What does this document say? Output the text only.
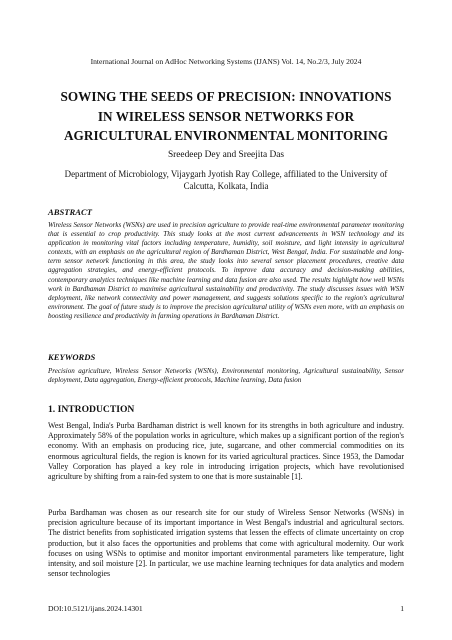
International Journal on AdHoc Networking Systems (IJANS) Vol. 14, No.2/3, July 2024
SOWING THE SEEDS OF PRECISION: INNOVATIONS
IN WIRELESS SENSOR NETWORKS FOR
AGRICULTURAL ENVIRONMENTAL MONITORING
Sreedeep Dey and Sreejita Das
Department of Microbiology, Vijaygarh Jyotish Ray College, affiliated to the University of Calcutta, Kolkata, India
ABSTRACT
Wireless Sensor Networks (WSNs) are used in precision agriculture to provide real-time environmental parameter monitoring that is essential to crop productivity. This study looks at the most current advancements in WSN technology and its application in monitoring vital factors including temperature, humidity, soil moisture, and light intensity in agricultural contexts, with an emphasis on the agricultural region of Bardhaman District, West Bengal, India. For sustainable and long-term sensor network functioning in this area, the study looks into several sensor placement procedures, creative data aggregation strategies, and energy-efficient protocols. To improve data accuracy and decision-making abilities, contemporary analytics techniques like machine learning and data fusion are also used. The results highlight how well WSNs work in Bardhaman District to maximise agricultural sustainability and productivity. The study discusses issues with WSN deployment, like network connectivity and power management, and suggests solutions specific to the region's agricultural environment. The goal of future study is to improve the precision agricultural utility of WSNs even more, with an emphasis on boosting resilience and productivity in farming operations in Bardhaman District.
KEYWORDS
Precision agriculture, Wireless Sensor Networks (WSNs), Environmental monitoring, Agricultural sustainability, Sensor deployment, Data aggregation, Energy-efficient protocols, Machine learning, Data fusion
1. INTRODUCTION
West Bengal, India's Purba Bardhaman district is well known for its strengths in both agriculture and industry. Approximately 58% of the population works in agriculture, which makes up a significant portion of the region's economy. With an emphasis on producing rice, jute, sugarcane, and other commercial commodities on its enormous agricultural fields, the region is known for its varied agricultural practices. Since 1953, the Damodar Valley Corporation has played a key role in introducing irrigation projects, which have revolutionised agriculture by shifting from a rain-fed system to one that is more sustainable [1].
Purba Bardhaman was chosen as our research site for our study of Wireless Sensor Networks (WSNs) in precision agriculture because of its important importance in West Bengal's industrial and agricultural sectors. The district benefits from sophisticated irrigation systems that lessen the effects of climate uncertainty on crop production, but it also faces the opportunities and problems that come with agricultural modernity. Our work focuses on using WSNs to optimise and monitor important environmental parameters like temperature, light intensity, and soil moisture [2]. In particular, we use machine learning techniques for data analytics and modern sensor technologies
DOI:10.5121/ijans.2024.14301	1
